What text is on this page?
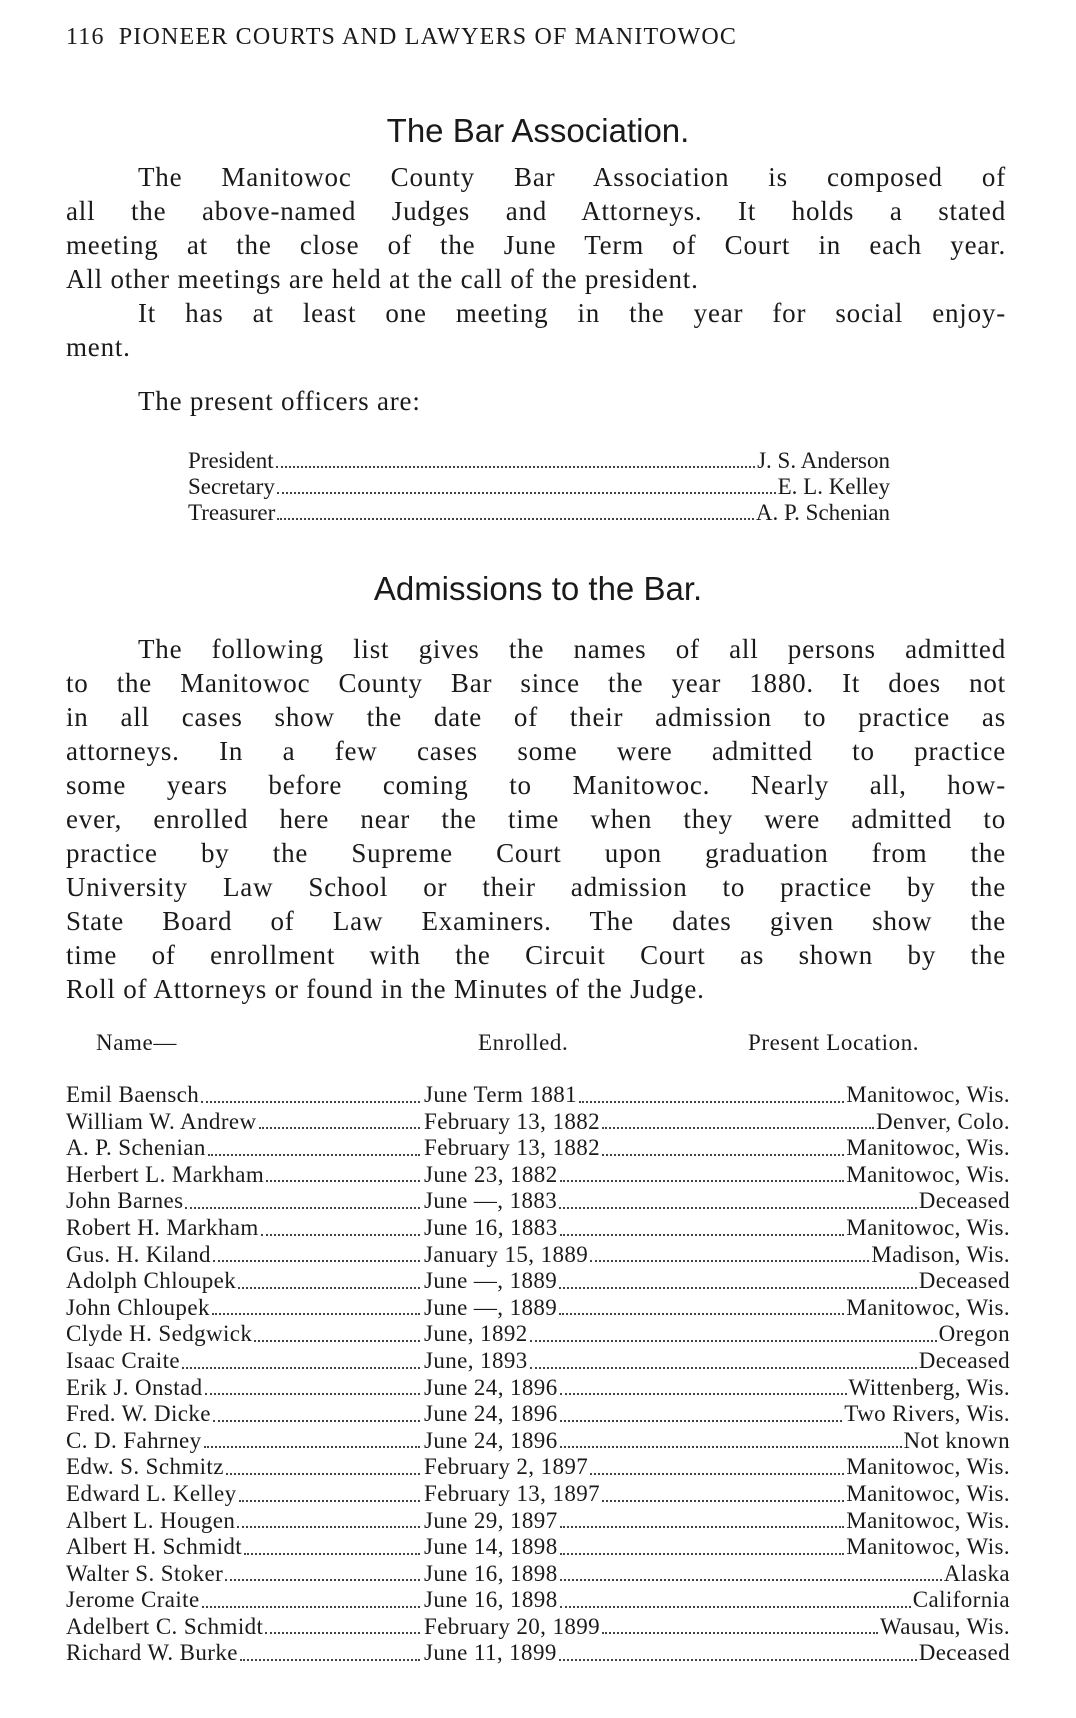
116 PIONEER COURTS AND LAWYERS OF MANITOWOC
The Bar Association.
The Manitowoc County Bar Association is composed of
all the above-named Judges and Attorneys. It holds a stated
meeting at the close of the June Term of Court in each year.
All other meetings are held at the call of the president.
It has at least one meeting in the year for social enjoy-
ment.
The present officers are:
President	J. S. Anderson
Secretary	E. L. Kelley
Treasurer	A. P. Schenian
Admissions to the Bar.
The following list gives the names of all persons admitted
to the Manitowoc County Bar since the year 1880. It does not
in all cases show the date of their admission to practice as
attorneys. In a few cases some were admitted to practice
some years before coming to Manitowoc. Nearly all, how-
ever, enrolled here near the time when they were admitted to
practice by the Supreme Court upon graduation from the
University Law School or their admission to practice by the
State Board of Law Examiners. The dates given show the
time of enrollment with the Circuit Court as shown by the
Roll of Attorneys or found in the Minutes of the Judge.
Name—	Enrolled.	Present Location.
Emil Baensch	June Term 1881	Manitowoc, Wis.
William W. Andrew	February 13, 1882	Denver, Colo.
A. P. Schenian	February 13, 1882	Manitowoc, Wis.
Herbert L. Markham	June 23, 1882	Manitowoc, Wis.
John Barnes	June —, 1883	Deceased
Robert H. Markham	June 16, 1883	Manitowoc, Wis.
Gus. H. Kiland	January 15, 1889	Madison, Wis.
Adolph Chloupek	June —, 1889	Deceased
John Chloupek	June —, 1889	Manitowoc, Wis.
Clyde H. Sedgwick	June, 1892	Oregon
Isaac Craite	June, 1893	Deceased
Erik J. Onstad	June 24, 1896	Wittenberg, Wis.
Fred. W. Dicke	June 24, 1896	Two Rivers, Wis.
C. D. Fahrney	June 24, 1896	Not known
Edw. S. Schmitz	February 2, 1897	Manitowoc, Wis.
Edward L. Kelley	February 13, 1897	Manitowoc, Wis.
Albert L. Hougen	June 29, 1897	Manitowoc, Wis.
Albert H. Schmidt	June 14, 1898	Manitowoc, Wis.
Walter S. Stoker	June 16, 1898	Alaska
Jerome Craite	June 16, 1898	California
Adelbert C. Schmidt	February 20, 1899	Wausau, Wis.
Richard W. Burke	June 11, 1899	Deceased
